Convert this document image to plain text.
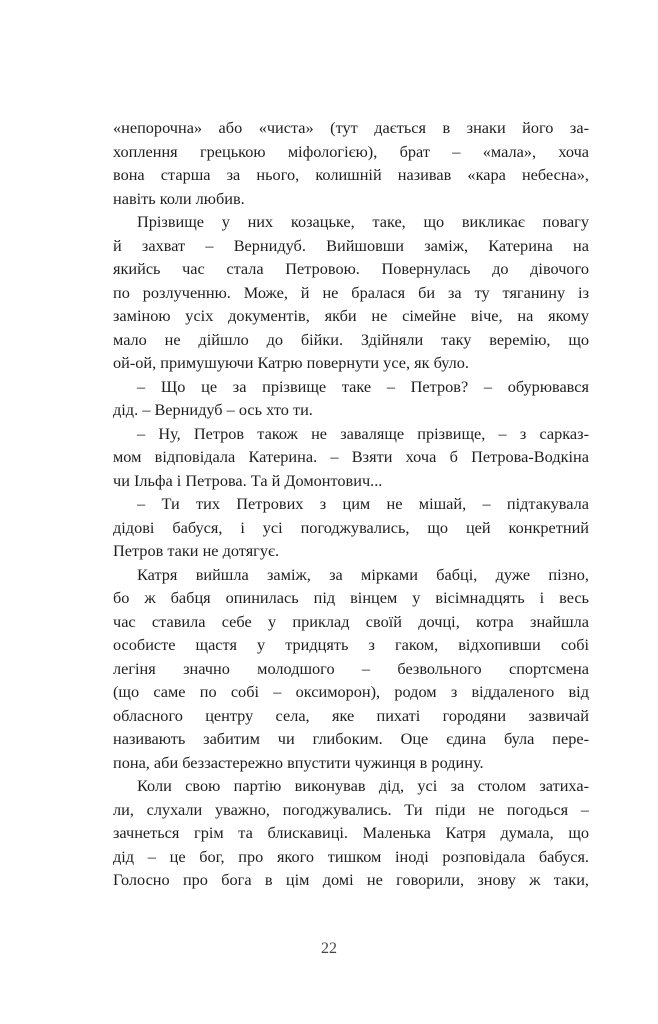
«непорочна» або «чиста» (тут дається в знаки його за-
хоплення грецькою міфологією), брат – «мала», хоча
вона старша за нього, колишній називав «кара небесна»,
навіть коли любив.
Прізвище у них козацьке, таке, що викликає повагу
й захват – Вернидуб. Вийшовши заміж, Катерина на
якийсь час стала Петровою. Повернулась до дівочого
по розлученню. Може, й не бралася би за ту тяганину із
заміною усіх документів, якби не сімейне віче, на якому
мало не дійшло до бійки. Здійняли таку веремію, що
ой-ой, примушуючи Катрю повернути усе, як було.
– Що це за прізвище таке – Петров? – обурювався
дід. – Вернидуб – ось хто ти.
– Ну, Петров також не заваляще прізвище, – з сарказ-
мом відповідала Катерина. – Взяти хоча б Петрова-Водкіна
чи Ільфа і Петрова. Та й Домонтович...
– Ти тих Петрових з цим не мішай, – підтакувала
дідові бабуся, і усі погоджувались, що цей конкретний
Петров таки не дотягує.
Катря вийшла заміж, за мірками бабці, дуже пізно,
бо ж бабця опинилась під вінцем у вісімнадцять і весь
час ставила себе у приклад своїй дочці, котра знайшла
особисте щастя у тридцять з гаком, відхопивши собі
легіня значно молодшого – безвольного спортсмена
(що саме по собі – оксиморон), родом з віддаленого від
обласного центру села, яке пихаті городяни зазвичай
називають забитим чи глибоким. Оце єдина була пере-
пона, аби беззастережно впустити чужинця в родину.
Коли свою партію виконував дід, усі за столом затиха-
ли, слухали уважно, погоджувались. Ти піди не погодься –
зачнеться грім та блискавиці. Маленька Катря думала, що
дід – це бог, про якого тишком іноді розповідала бабуся.
Голосно про бога в цім домі не говорили, знову ж таки,
22
